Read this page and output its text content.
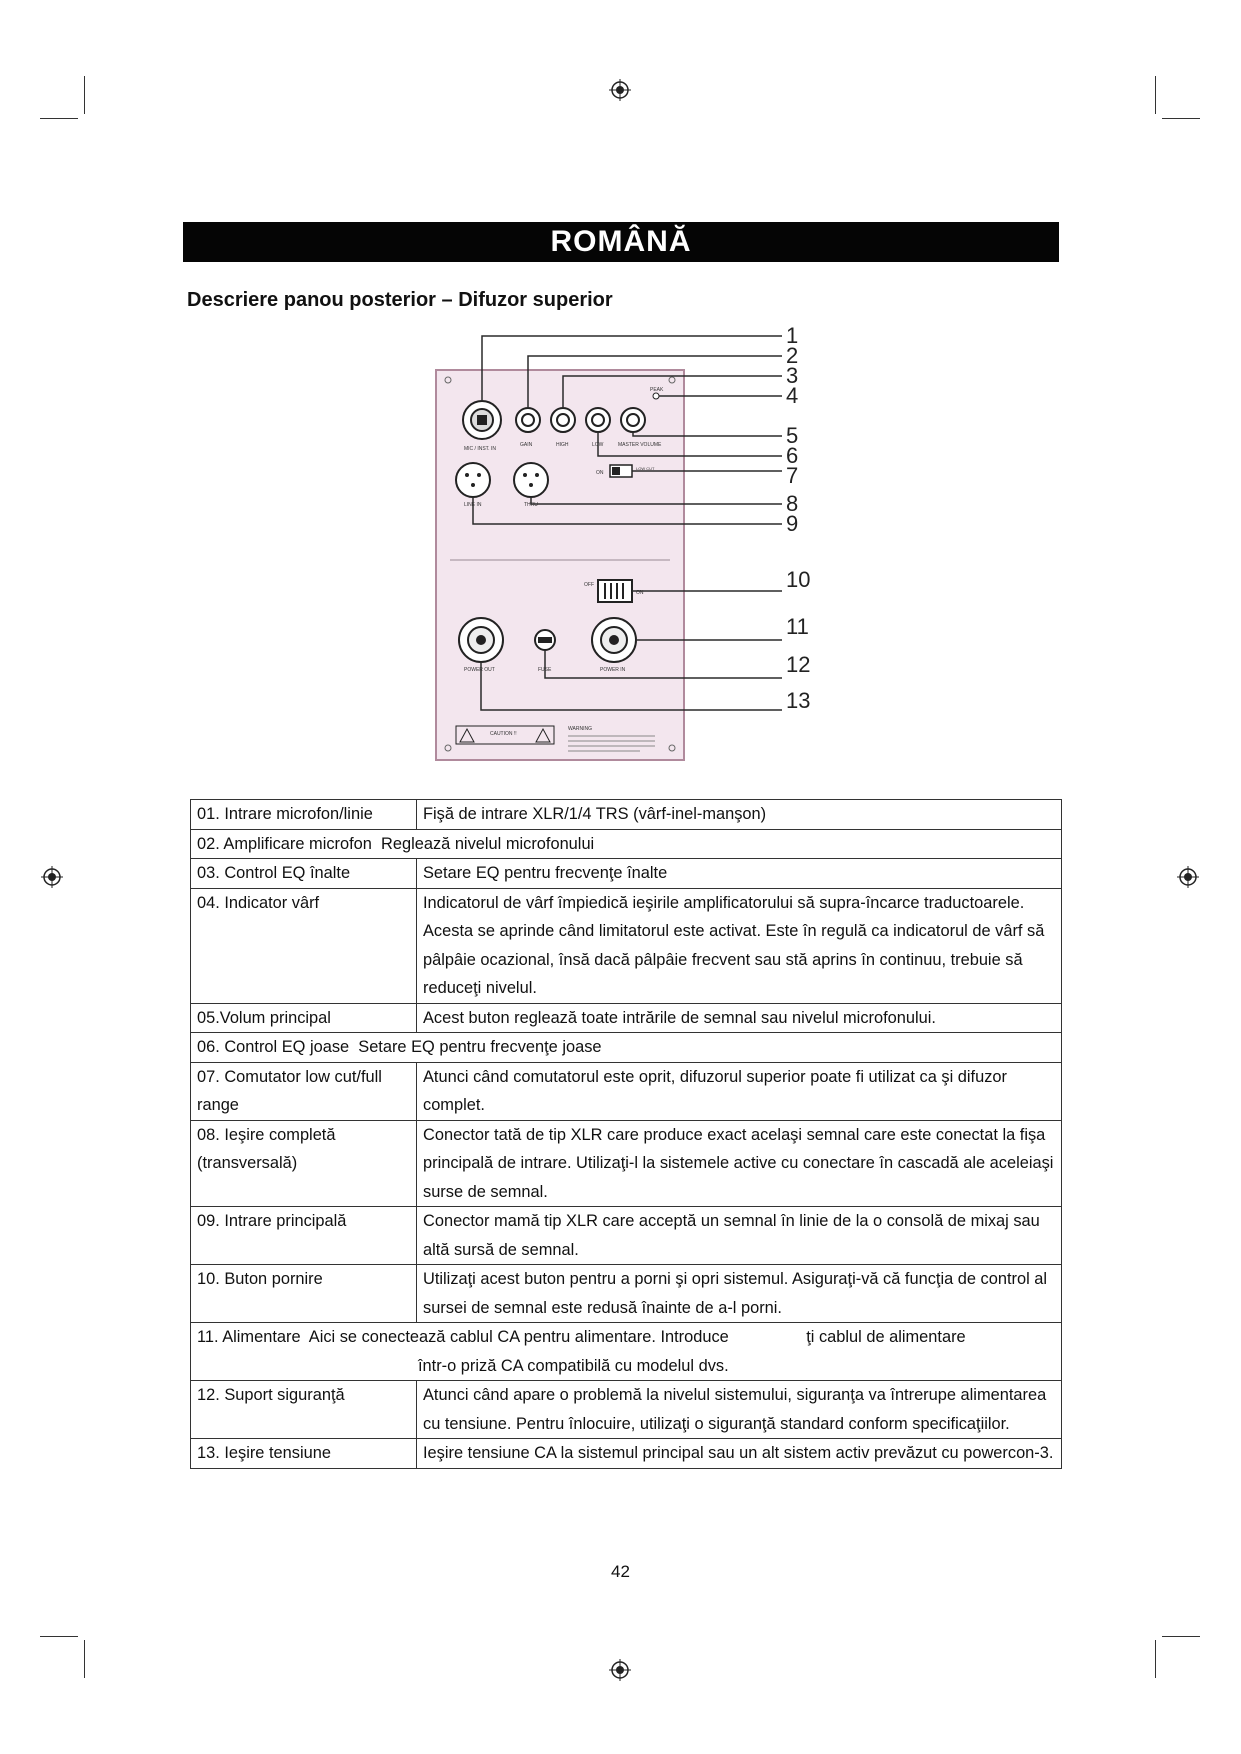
ROMÂNĂ
Descriere panou posterior – Difuzor superior
PEAK
MIC / INST. IN
GAIN	HIGH	LOW	MASTER VOLUME
LINE IN	THRU
ON
LOW CUT
OFF
ON
POWER OUT	FUSE	POWER IN
CAUTION !!
WARNING
1
2
3
4
5
6
7
8
9
10
11
12
13
01. Intrare microfon/linie	Fişă de intrare XLR/1/4 TRS (vârf-inel-manşon)
02. Amplificare microfon  Reglează nivelul microfonului	
03. Control EQ înalte	Setare EQ pentru frecvenţe înalte
04. Indicator vârf	Indicatorul de vârf împiedică ieşirile amplificatorului să supra-încarce traductoarele. Acesta se aprinde când limitatorul este activat. Este în regulă ca indicatorul de vârf să pâlpâie ocazional, însă dacă pâlpâie frecvent sau stă aprins în continuu, trebuie să reduceţi nivelul.
05.Volum principal	Acest buton reglează toate intrările de semnal sau nivelul microfonului.
06. Control EQ joase  Setare EQ pentru frecvenţe joase	
07. Comutator low cut/full range	Atunci când comutatorul este oprit, difuzorul superior poate fi utilizat ca şi difuzor complet.
08. Ieşire completă (transversală)	Conector tată de tip XLR care produce exact acelaşi semnal care este conectat la fişa principală de intrare. Utilizaţi-l la sistemele active cu conectare în cascadă ale aceleiaşi surse de semnal.
09. Intrare principală	Conector mamă tip XLR care acceptă un semnal în linie de la o consolă de mixaj sau altă sursă de semnal.
10. Buton pornire	Utilizaţi acest buton pentru a porni şi opri sistemul. Asiguraţi-vă că funcţia de control al sursei de semnal este redusă înainte de a-l porni.

11. Alimentare  Aici se conectează cablul CA pentru alimentare. Introduce                 ţi cablul de alimentare
într-o priză CA compatibilă cu modelul dvs.	

12. Suport siguranţă	Atunci când apare o problemă la nivelul sistemului, siguranţa va întrerupe alimentarea cu tensiune. Pentru înlocuire, utilizaţi o siguranţă standard conform specificaţiilor.
13. Ieşire tensiune	Ieşire tensiune CA la sistemul principal sau un alt sistem activ prevăzut cu powercon-3.
42
